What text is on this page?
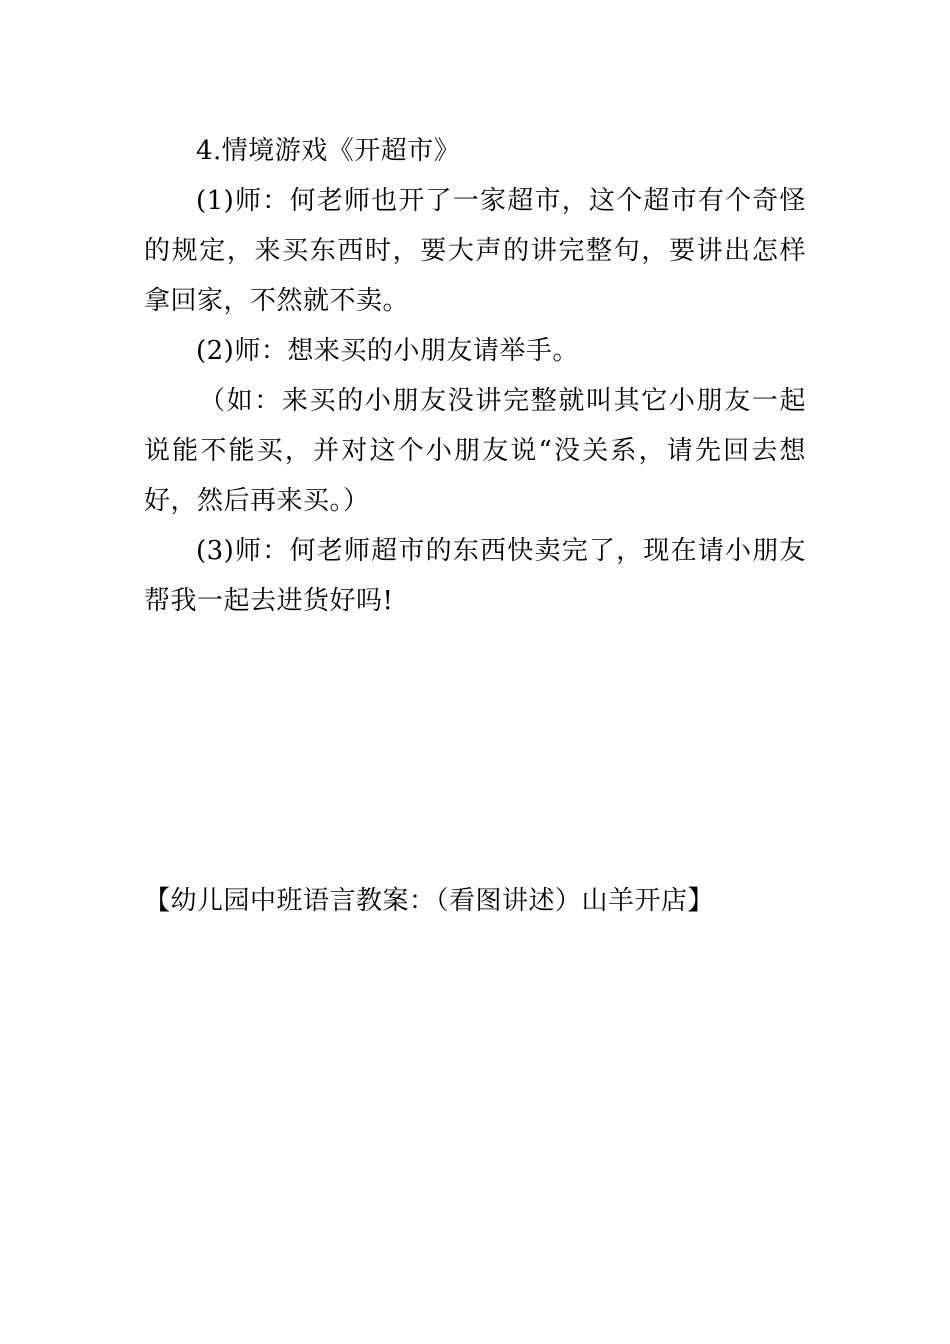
4.情境游戏《开超市》

(1)师：何老师也开了一家超市，这个超市有个奇怪的规定，来买东西时，要大声的讲完整句，要讲出怎样拿回家，不然就不卖。

(2)师：想来买的小朋友请举手。

（如：来买的小朋友没讲完整就叫其它小朋友一起说能不能买，并对这个小朋友说“没关系，请先回去想好，然后再来买。）

(3)师：何老师超市的东西快卖完了，现在请小朋友帮我一起去进货好吗!

【幼儿园中班语言教案：（看图讲述）山羊开店】
